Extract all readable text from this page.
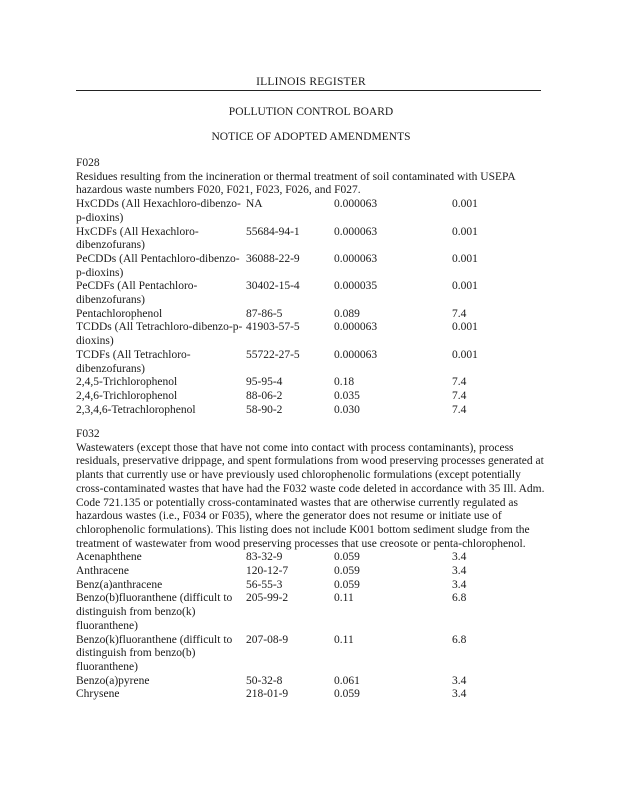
ILLINOIS REGISTER
POLLUTION CONTROL BOARD
NOTICE OF ADOPTED AMENDMENTS

F028

Residues resulting from the incineration or thermal treatment of soil contaminated with USEPA hazardous waste numbers F020, F021, F023, F026, and F027.

HxCDDs (All Hexachloro-dibenzo-p-dioxins)	NA	0.000063	0.001
HxCDFs (All Hexachloro-dibenzofurans)	55684-94-1	0.000063	0.001
PeCDDs (All Pentachloro-dibenzo-p-dioxins)	36088-22-9	0.000063	0.001
PeCDFs (All Pentachloro-dibenzofurans)	30402-15-4	0.000035	0.001
Pentachlorophenol	87-86-5	0.089	7.4
TCDDs (All Tetrachloro-dibenzo-p-dioxins)	41903-57-5	0.000063	0.001
TCDFs (All Tetrachloro-dibenzofurans)	55722-27-5	0.000063	0.001
2,4,5-Trichlorophenol	95-95-4	0.18	7.4
2,4,6-Trichlorophenol	88-06-2	0.035	7.4
2,3,4,6-Tetrachlorophenol	58-90-2	0.030	7.4

F032

Wastewaters (except those that have not come into contact with process contaminants), process residuals, preservative drippage, and spent formulations from wood preserving processes generated at plants that currently use or have previously used chlorophenolic formulations (except potentially cross-contaminated wastes that have had the F032 waste code deleted in accordance with 35 Ill. Adm. Code 721.135 or potentially cross-contaminated wastes that are otherwise currently regulated as hazardous wastes (i.e., F034 or F035), where the generator does not resume or initiate use of chlorophenolic formulations). This listing does not include K001 bottom sediment sludge from the treatment of wastewater from wood preserving processes that use creosote or penta-chlorophenol.

Acenaphthene	83-32-9	0.059	3.4
Anthracene	120-12-7	0.059	3.4
Benz(a)anthracene	56-55-3	0.059	3.4
Benzo(b)fluoranthene (difficult to distinguish from benzo(k) fluoranthene)	205-99-2	0.11	6.8
Benzo(k)fluoranthene (difficult to distinguish from benzo(b) fluoranthene)	207-08-9	0.11	6.8
Benzo(a)pyrene	50-32-8	0.061	3.4
Chrysene	218-01-9	0.059	3.4
